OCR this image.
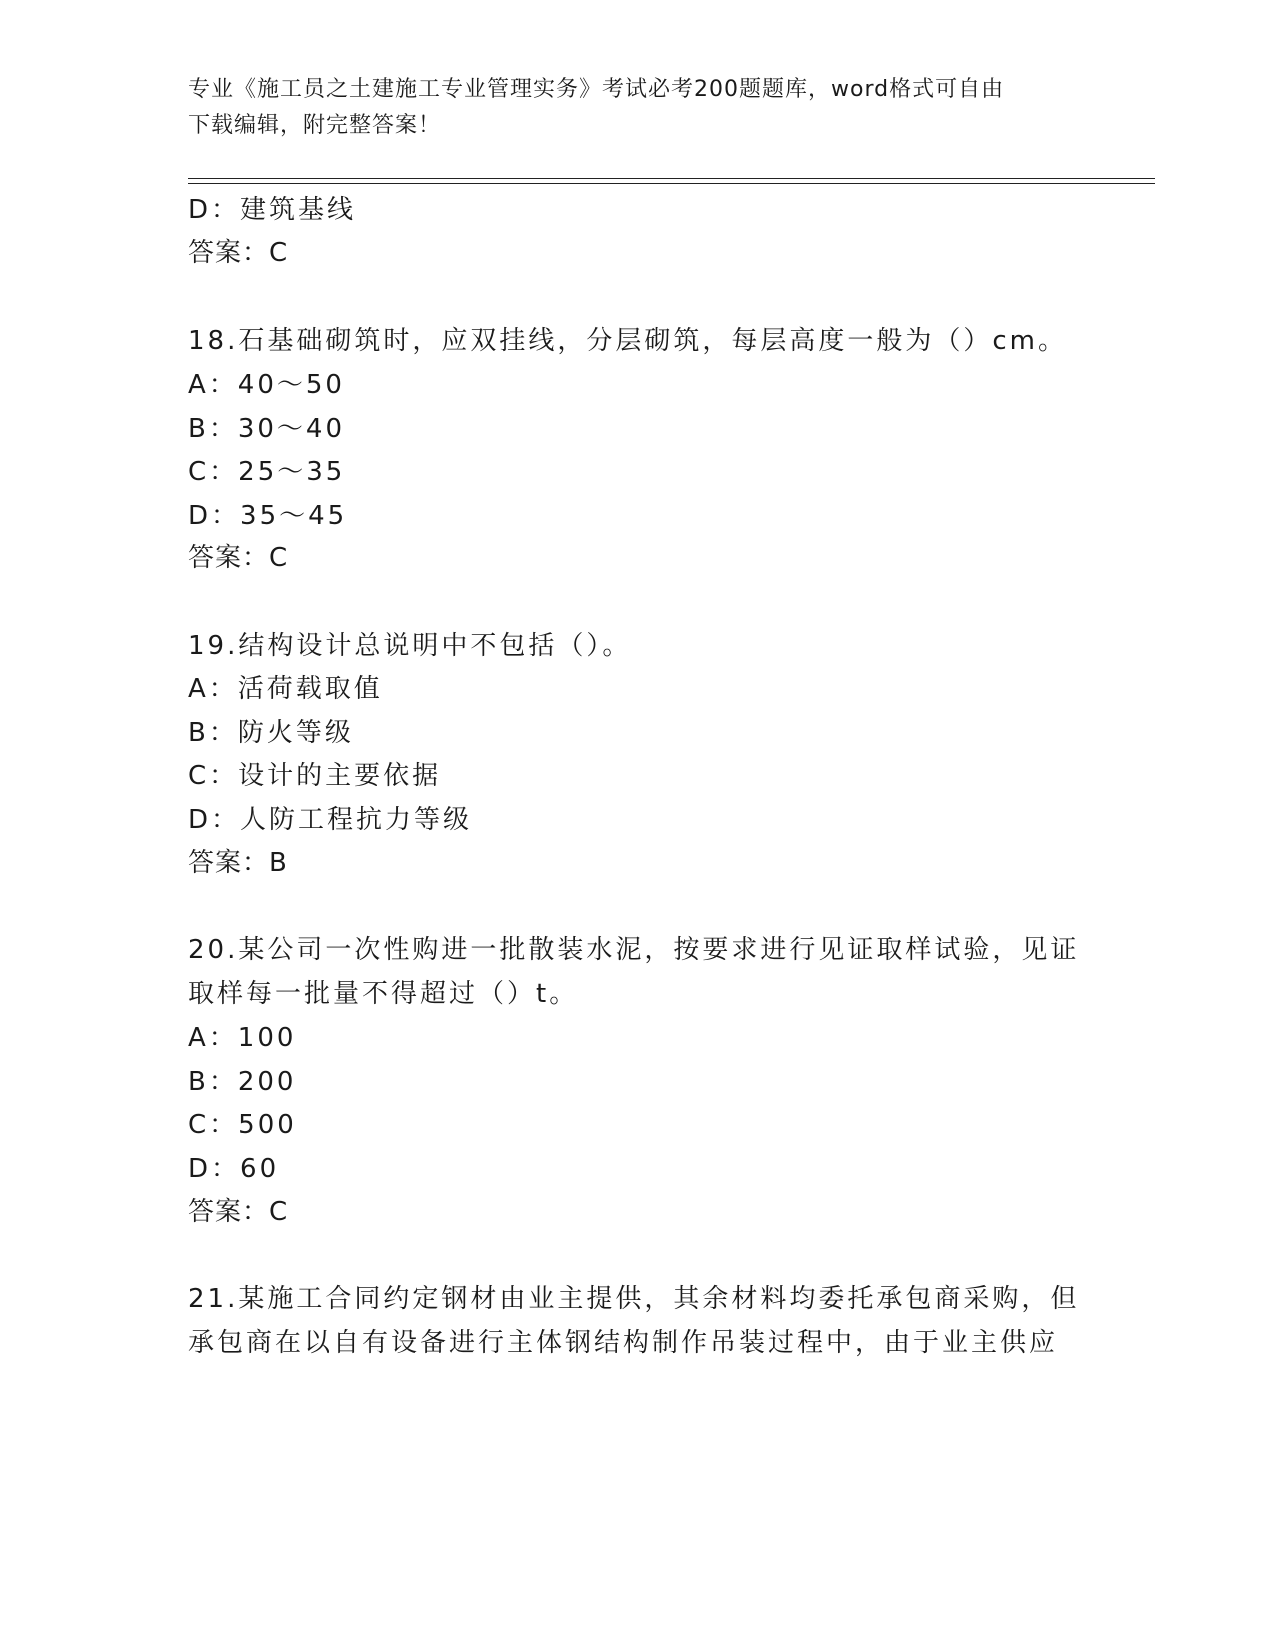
专业《施工员之土建施工专业管理实务》考试必考200题题库，word格式可自由
下载编辑，附完整答案！
D：建筑基线
答案：C
18.石基础砌筑时，应双挂线，分层砌筑，每层高度一般为（）cm。
A：40～50
B：30～40
C：25～35
D：35～45
答案：C
19.结构设计总说明中不包括（）。
A：活荷载取值
B：防火等级
C：设计的主要依据
D：人防工程抗力等级
答案：B
20.某公司一次性购进一批散装水泥，按要求进行见证取样试验，见证
取样每一批量不得超过（）t。
A：100
B：200
C：500
D：60
答案：C
21.某施工合同约定钢材由业主提供，其余材料均委托承包商采购，但
承包商在以自有设备进行主体钢结构制作吊装过程中，由于业主供应
